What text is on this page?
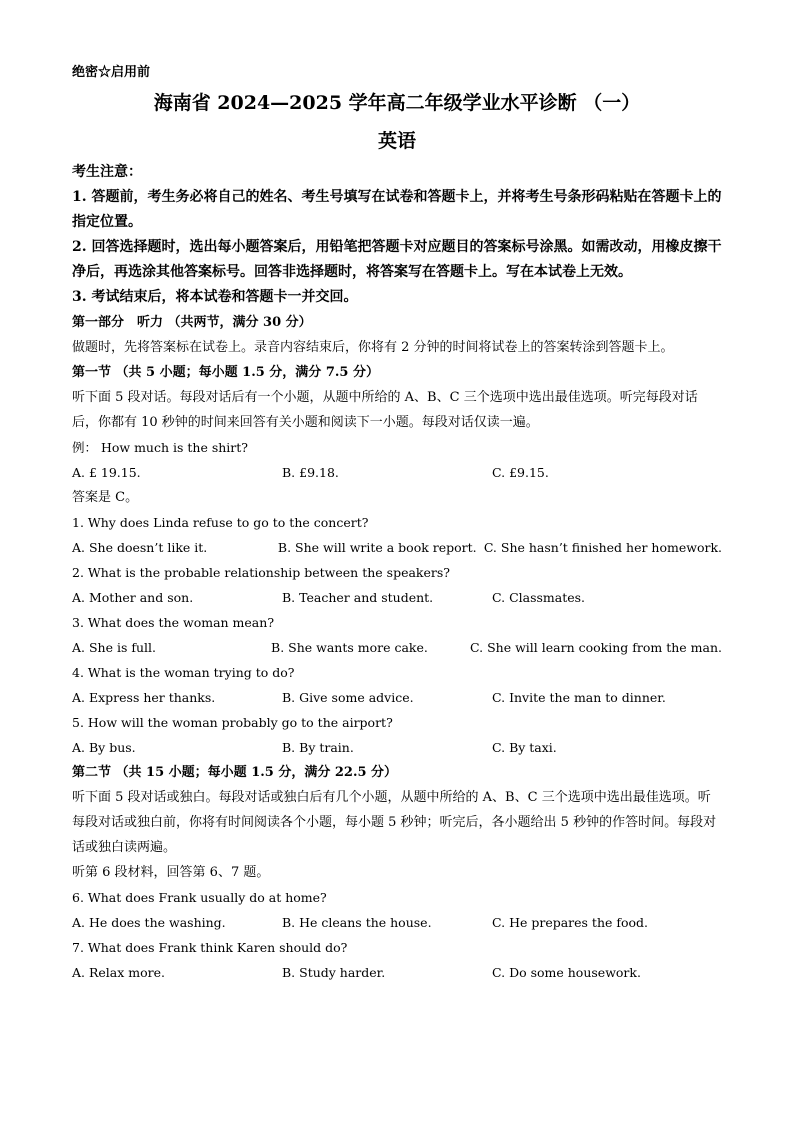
绝密☆启用前
海南省 2024—2025 学年高二年级学业水平诊断 （一）
英语
考生注意：
1. 答题前，考生务必将自己的姓名、考生号填写在试卷和答题卡上，并将考生号条形码粘贴在答题卡上的指定位置。
2. 回答选择题时，选出每小题答案后，用铅笔把答题卡对应题目的答案标号涂黑。如需改动，用橡皮擦干净后，再选涂其他答案标号。回答非选择题时，将答案写在答题卡上。写在本试卷上无效。
3. 考试结束后，将本试卷和答题卡一并交回。
第一部分　听力 （共两节，满分 30 分）
做题时，先将答案标在试卷上。录音内容结束后，你将有 2 分钟的时间将试卷上的答案转涂到答题卡上。
第一节 （共 5 小题；每小题 1.5 分，满分 7.5 分）
听下面 5 段对话。每段对话后有一个小题，从题中所给的 A、B、C 三个选项中选出最佳选项。听完每段对话后，你都有 10 秒钟的时间来回答有关小题和阅读下一小题。每段对话仅读一遍。
例： How much is the shirt?
A. £ 19.15.	B. £9.18.	C. £9.15.
答案是 C。
1. Why does Linda refuse to go to the concert?
A. She doesn’t like it.	B. She will write a book report. C. She hasn’t finished her homework.
2. What is the probable relationship between the speakers?
A. Mother and son.	B. Teacher and student.	C. Classmates.
3. What does the woman mean?
A. She is full.	B. She wants more cake.	C. She will learn cooking from the man.
4. What is the woman trying to do?
A. Express her thanks.	B. Give some advice.	C. Invite the man to dinner.
5. How will the woman probably go to the airport?
A. By bus.	B. By train.	C. By taxi.
第二节 （共 15 小题；每小题 1.5 分，满分 22.5 分）
听下面 5 段对话或独白。每段对话或独白后有几个小题，从题中所给的 A、B、C 三个选项中选出最佳选项。听每段对话或独白前，你将有时间阅读各个小题，每小题 5 秒钟；听完后，各小题给出 5 秒钟的作答时间。每段对话或独白读两遍。
听第 6 段材料，回答第 6、7 题。
6. What does Frank usually do at home?
A. He does the washing.	B. He cleans the house.	C. He prepares the food.
7. What does Frank think Karen should do?
A. Relax more.	B. Study harder.	C. Do some housework.
